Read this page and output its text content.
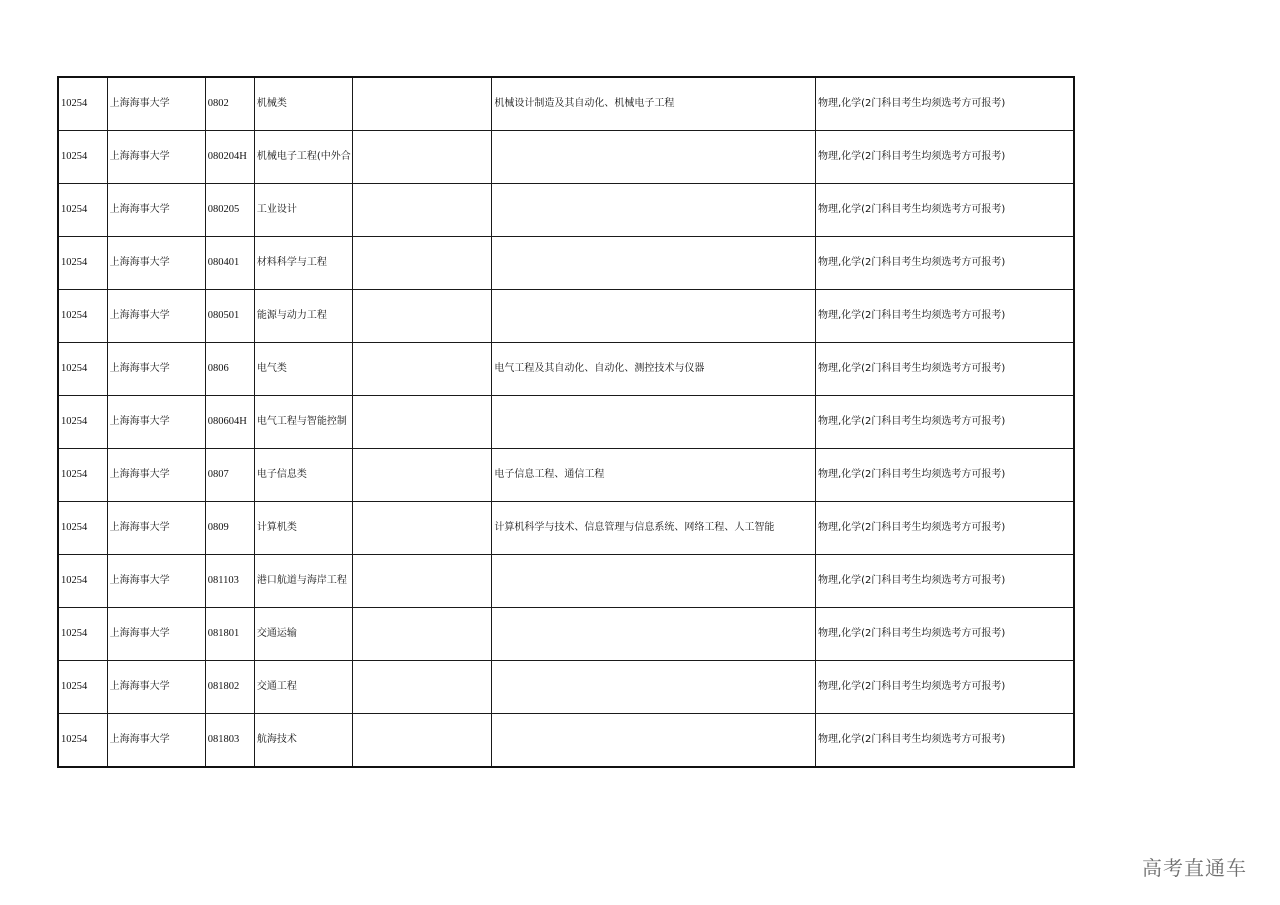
10254	上海海事大学	0802	机械类		机械设计制造及其自动化、机械电子工程	物理,化学(2门科目考生均须选考方可报考)
10254	上海海事大学	080204H	机械电子工程(中外合			物理,化学(2门科目考生均须选考方可报考)
10254	上海海事大学	080205	工业设计			物理,化学(2门科目考生均须选考方可报考)
10254	上海海事大学	080401	材料科学与工程			物理,化学(2门科目考生均须选考方可报考)
10254	上海海事大学	080501	能源与动力工程			物理,化学(2门科目考生均须选考方可报考)
10254	上海海事大学	0806	电气类		电气工程及其自动化、自动化、测控技术与仪器	物理,化学(2门科目考生均须选考方可报考)
10254	上海海事大学	080604H	电气工程与智能控制			物理,化学(2门科目考生均须选考方可报考)
10254	上海海事大学	0807	电子信息类		电子信息工程、通信工程	物理,化学(2门科目考生均须选考方可报考)
10254	上海海事大学	0809	计算机类		计算机科学与技术、信息管理与信息系统、网络工程、人工智能	物理,化学(2门科目考生均须选考方可报考)
10254	上海海事大学	081103	港口航道与海岸工程			物理,化学(2门科目考生均须选考方可报考)
10254	上海海事大学	081801	交通运输			物理,化学(2门科目考生均须选考方可报考)
10254	上海海事大学	081802	交通工程			物理,化学(2门科目考生均须选考方可报考)
10254	上海海事大学	081803	航海技术			物理,化学(2门科目考生均须选考方可报考)
高考直通车
